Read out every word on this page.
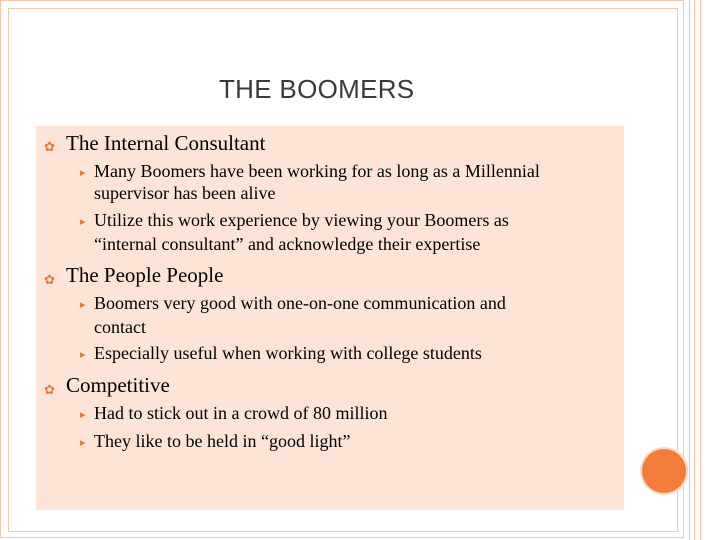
THE BOOMERS
✿ The Internal Consultant
▸ Many Boomers have been working for as long as a Millennial
supervisor has been alive
▸ Utilize this work experience by viewing your Boomers as
“internal consultant” and acknowledge their expertise
✿ The People People
▸ Boomers very good with one-on-one communication and
contact
▸ Especially useful when working with college students
✿ Competitive
▸ Had to stick out in a crowd of 80 million
▸ They like to be held in “good light”
